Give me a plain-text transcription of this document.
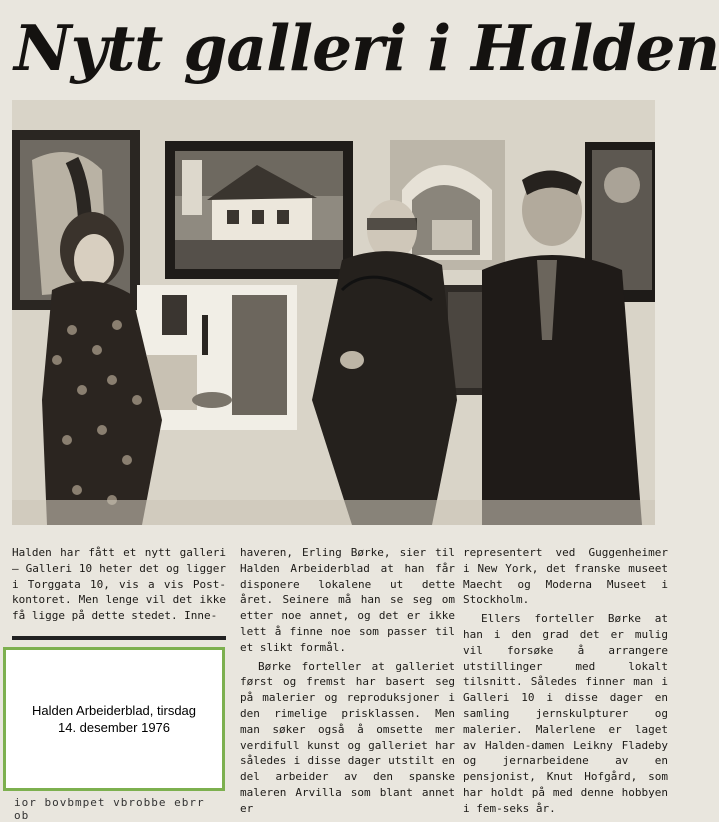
Nytt galleri i Halden

Halden har fått et nytt galleri — Galleri 10 heter det og ligger i Torggata 10, vis a vis Post-kontoret. Men lenge vil det ikke få ligge på dette stedet. Inne-

haveren, Erling Børke, sier til Halden Arbeiderblad at han får disponere lokalene ut dette året. Seinere må han se seg om etter noe annet, og det er ikke lett å finne noe som passer til et slikt formål.

Børke forteller at galleriet først og fremst har basert seg på malerier og reproduksjoner i den rimelige prisklassen. Men man søker også å omsette mer verdifull kunst og galleriet har således i disse dager utstilt en del arbeider av den spanske maleren Arvilla som blant annet er

representert ved Guggenheimer i New York, det franske museet Maecht og Moderna Museet i Stockholm.

Ellers forteller Børke at han i den grad det er mulig vil forsøke å arrangere utstillinger med lokalt tilsnitt. Således finner man i Galleri 10 i disse dager en samling jernskulpturer og malerier. Malerlene er laget av Halden-damen Leikny Fladeby og jernarbeidene av en pensjonist, Knut Hofgård, som har holdt på med denne hobbyen i fem-seks år.

Halden Arbeiderblad, tirsdag
14. desember 1976
ior bovbmpet vbrobbe ebrr ob
